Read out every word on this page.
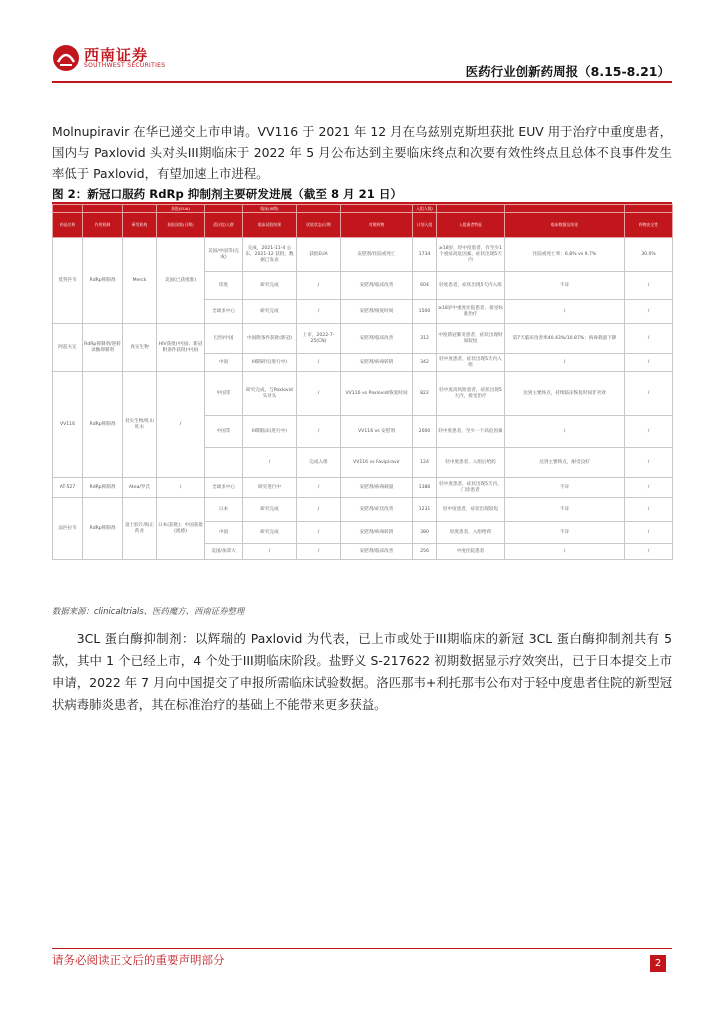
西南证券
SOUTHWEST SECURITIES	医药行业创新药周报（8.15-8.21）

Molnupiravir 在华已递交上市申请。VV116 于 2021 年 12 月在乌兹别克斯坦获批 EUV 用于治疗中重度患者，国内与 Paxlovid 头对头III期临床于 2022 年 5 月公布达到主要临床终点和次要有效性终点且总体不良事件发生率低于 Paxlovid，有望加速上市进程。

图 2：新冠口服药 RdRp 抑制剂主要研发进展（截至 8 月 21 日）
			获批(EUA)		临床(III期)				入组人数/			
药品名称	作用机制	研发机构	获批国家(日期)	适应症/人群	临床试验结果	试验状态/日期	对照药物		计划入组	入组患者特征	临床数据及结论	药物安全性
莫努匹韦	RdRp抑制剂	Merck	美国(已获批准)	美国/中国等(完成)	完成，2021-11-4 公布，2021-12 获批，数据已发表	获批EUA	安慰剂/住院或死亡		1734	≥18岁，轻中度患者，有至少1个重症高危因素，症状出现5天内	住院或死亡率：6.8% vs 9.7%	30.0%
				印度	研究完成	/	安慰剂/临床改善		604	轻度患者，症状出现5天内入组	不详	/
				全球多中心	研究完成	/	安慰剂/恢复时间		1500	≥18岁中重度住院患者，接受标准治疗	/	/
阿兹夫定	RdRp抑制剂/逆转录酶抑制剂	真实生物	HIV获批(中国)；新冠附条件获批(中国)	巴西/中国	中国附条件获批(新冠)	上市，2022-7-25(CN)	安慰剂/临床改善		312	中度新冠肺炎患者，症状出现时间较短	第7天临床改善率40.43%/10.87%；病毒载量下降	/
				中国	III期研究(进行中)	/	安慰剂/病毒转阴		342	轻中度患者，症状出现5天内入组	/	/
VV116	RdRp抑制剂	君实生物/旺山旺水	/	中国等	研究完成，与Paxlovid头对头	/	VV116 vs Paxlovid/恢复时间		822	轻中度高风险患者，症状出现5天内，接受治疗	达到主要终点，持续临床恢复时间非劣效	/
				中国等	III期临床(进行中)	/	VV116 vs 安慰剂		2000	轻中度患者，至少一个高危因素	/	/
					/	完成入组	VV116 vs Favipiravir		124	轻中度患者，入组后给药	达到主要终点，耐受良好	/
AT-527	RdRp抑制剂	Atea/罗氏	/	全球多中心	研究进行中	/	安慰剂/病毒载量		1386	轻中度患者，症状出现5天内，门诊患者	不详	/
法匹拉韦	RdRp抑制剂	富士胶片/海正药业	日本(获批)；中国获批(流感)	日本	研究完成	/	安慰剂/症状改善		1231	轻中度患者，症状出现较短	不详	/
				中国	研究完成	/	安慰剂/病毒转阴		380	轻度患者，入组给药	不详	/
				美国/加拿大	/	/	安慰剂/临床改善		256	中度住院患者	/	/
数据来源：clinicaltrials、医药魔方、西南证券整理

3CL 蛋白酶抑制剂：以辉瑞的 Paxlovid 为代表，已上市或处于III期临床的新冠 3CL 蛋白酶抑制剂共有 5 款，其中 1 个已经上市，4 个处于III期临床阶段。盐野义 S-217622 初期数据显示疗效突出，已于日本提交上市申请，2022 年 7 月向中国提交了申报所需临床试验数据。洛匹那韦+利托那韦公布对于轻中度患者住院的新型冠状病毒肺炎患者，其在标准治疗的基础上不能带来更多获益。

请务必阅读正文后的重要声明部分	2
